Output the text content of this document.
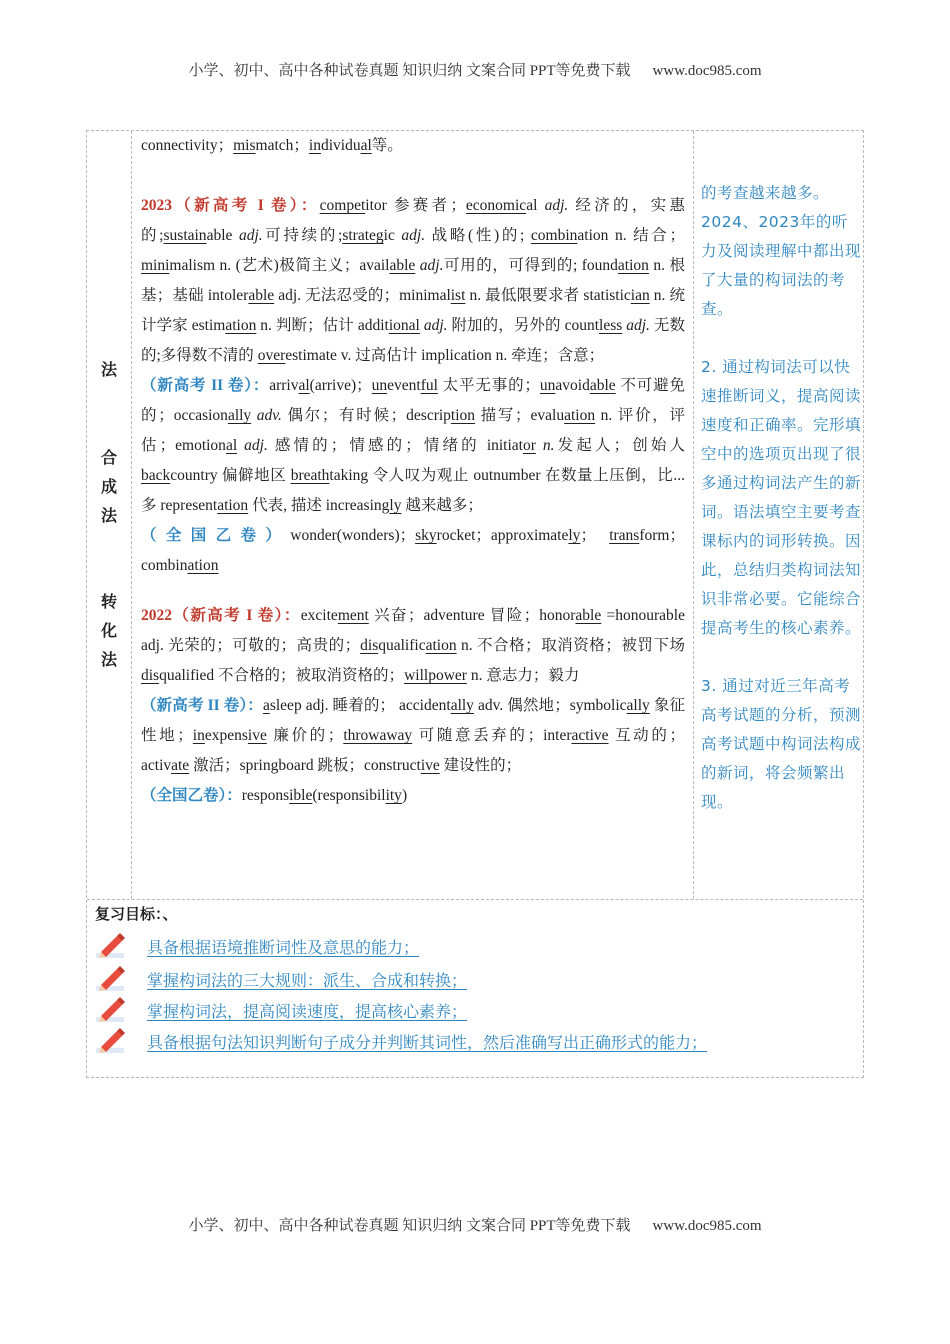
小学、初中、高中各种试卷真题 知识归纳 文案合同 PPT等免费下载 www.doc985.com
法
合
成
法
转
化
法

connectivity；mismatch；individual等。

2023（新高考 I 卷）：competitor 参赛者；economical adj. 经济的，实惠的;sustainable adj.可持续的;strategic adj. 战略(性)的; combination n. 结合；minimalism n. (艺术)极简主义；available adj.可用的，可得到的; foundation n. 根基；基础 intolerable adj. 无法忍受的；minimalist n. 最低限要求者 statistician n. 统计学家 estimation n. 判断；估计 additional adj. 附加的，另外的 countless adj. 无数的;多得数不清的 overestimate v. 过高估计 implication n. 牵连；含意；

（新高考 II 卷）：arrival(arrive)；uneventful 太平无事的；unavoidable 不可避免的；occasionally adv. 偶尔；有时候；description 描写；evaluation n. 评价，评估；emotional adj. 感情的；情感的；情绪的 initiator n.发起人；创始人 backcountry 偏僻地区 breathtaking 令人叹为观止 outnumber 在数量上压倒，比...多 representation 代表, 描述 increasingly 越来越多；

（全国乙卷）wonder(wonders)；skyrocket；approximately； transform；combination

2022（新高考 I 卷）：excitement 兴奋；adventure 冒险；honorable =honourable adj. 光荣的；可敬的；高贵的；disqualification n. 不合格；取消资格；被罚下场 disqualified 不合格的；被取消资格的；willpower n. 意志力；毅力

（新高考 II 卷）：asleep adj. 睡着的； accidentally adv. 偶然地；symbolically 象征性地；inexpensive 廉价的；throwaway 可随意丢弃的；interactive 互动的；activate 激活；springboard 跳板；constructive 建设性的；

（全国乙卷）：responsible(responsibility)

的考查越来越多。2024、2023年的听力及阅读理解中都出现了大量的构词法的考查。

2. 通过构词法可以快速推断词义，提高阅读速度和正确率。完形填空中的选项页出现了很多通过构词法产生的新词。语法填空主要考查课标内的词形转换。因此，总结归类构词法知识非常必要。它能综合提高考生的核心素养。

3. 通过对近三年高考高考试题的分析，预测高考试题中构词法构成的新词，将会频繁出现。

复习目标：、
具备根据语境推断词性及意思的能力；
掌握构词法的三大规则：派生、合成和转换；
掌握构词法，提高阅读速度，提高核心素养；
具备根据句法知识判断句子成分并判断其词性，然后准确写出正确形式的能力；
小学、初中、高中各种试卷真题 知识归纳 文案合同 PPT等免费下载 www.doc985.com
